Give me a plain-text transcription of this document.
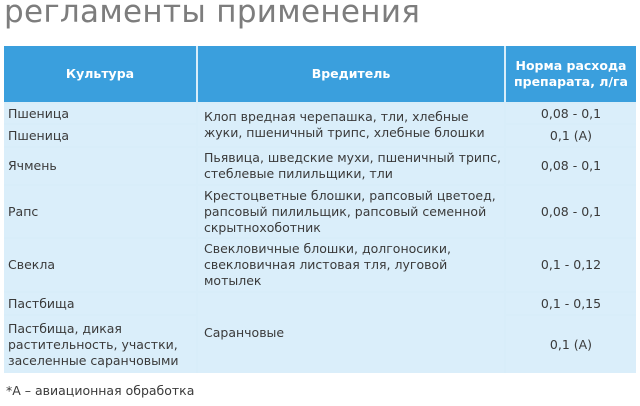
регламенты применения
Культура	Вредитель
Норма расхода препарата, л/га
Пшеница
Пшеница
Ячмень
Рапс
Свекла
Пастбища
Пастбища, дикая растительность, участки, заселенные саранчовыми
Клоп вредная черепашка, тли, хлебные жуки, пшеничный трипс, хлебные блошки
Пьявица, шведские мухи, пшеничный трипс, стеблевые пилильщики, тли
Крестоцветные блошки, рапсовый цветоед, рапсовый пилильщик, рапсовый семенной скрытнохоботник
Свекловичные блошки, долгоносики, свекловичная листовая тля, луговой мотылек
Саранчовые
0,08 - 0,1
0,1 (А)
0,08 - 0,1
0,08 - 0,1
0,1 - 0,12
0,1 - 0,15
0,1 (А)
*А – авиационная обработка
